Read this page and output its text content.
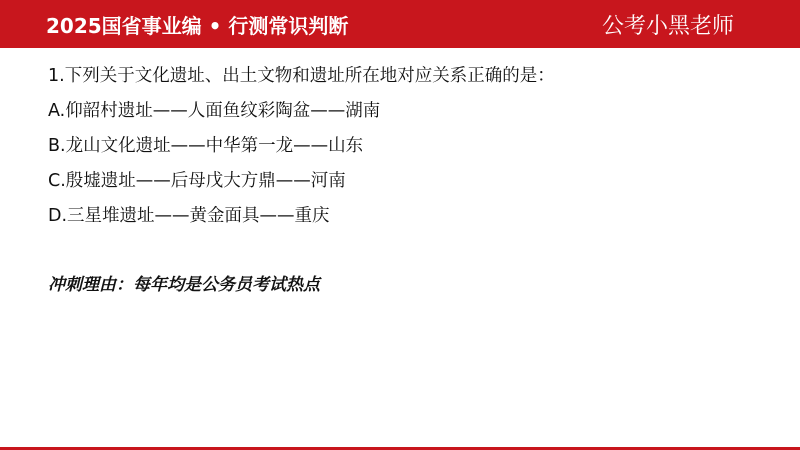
2025国省事业编 • 行测常识判断	公考小黑老师
1.下列关于文化遗址、出土文物和遗址所在地对应关系正确的是：
A.仰韶村遗址——人面鱼纹彩陶盆——湖南
B.龙山文化遗址——中华第一龙——山东
C.殷墟遗址——后母戊大方鼎——河南
D.三星堆遗址——黄金面具——重庆
冲刺理由：每年均是公务员考试热点
